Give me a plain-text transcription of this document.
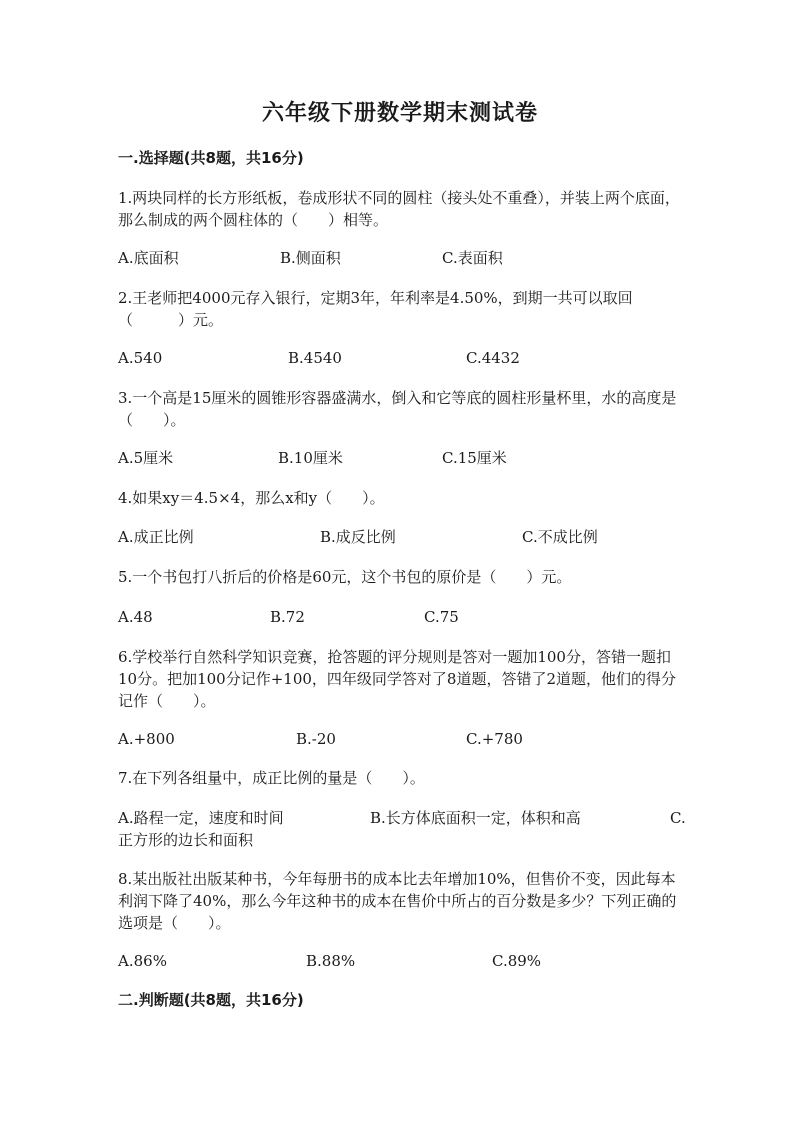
六年级下册数学期末测试卷
一.选择题(共8题，共16分)
1.两块同样的长方形纸板，卷成形状不同的圆柱（接头处不重叠），并装上两个底面，那么制成的两个圆柱体的（　　）相等。
A.底面积	B.侧面积	C.表面积
2.王老师把4000元存入银行，定期3年，年利率是4.50%，到期一共可以取回（　　　）元。
A.540	B.4540	C.4432
3.一个高是15厘米的圆锥形容器盛满水，倒入和它等底的圆柱形量杯里，水的高度是（　　）。
A.5厘米	B.10厘米	C.15厘米
4.如果xy＝4.5×4，那么x和y（　　）。
A.成正比例	B.成反比例	C.不成比例
5.一个书包打八折后的价格是60元，这个书包的原价是（　　）元。
A.48	B.72	C.75
6.学校举行自然科学知识竞赛，抢答题的评分规则是答对一题加100分，答错一题扣10分。把加100分记作+100，四年级同学答对了8道题，答错了2道题，他们的得分记作（　　）。
A.+800	B.-20	C.+780
7.在下列各组量中，成正比例的量是（　　）。
A.路程一定，速度和时间	B.长方体底面积一定，体积和高	C.
正方形的边长和面积
8.某出版社出版某种书，今年每册书的成本比去年增加10%，但售价不变，因此每本利润下降了40%，那么今年这种书的成本在售价中所占的百分数是多少？下列正确的选项是（　　）。
A.86%	B.88%	C.89%
二.判断题(共8题，共16分)
